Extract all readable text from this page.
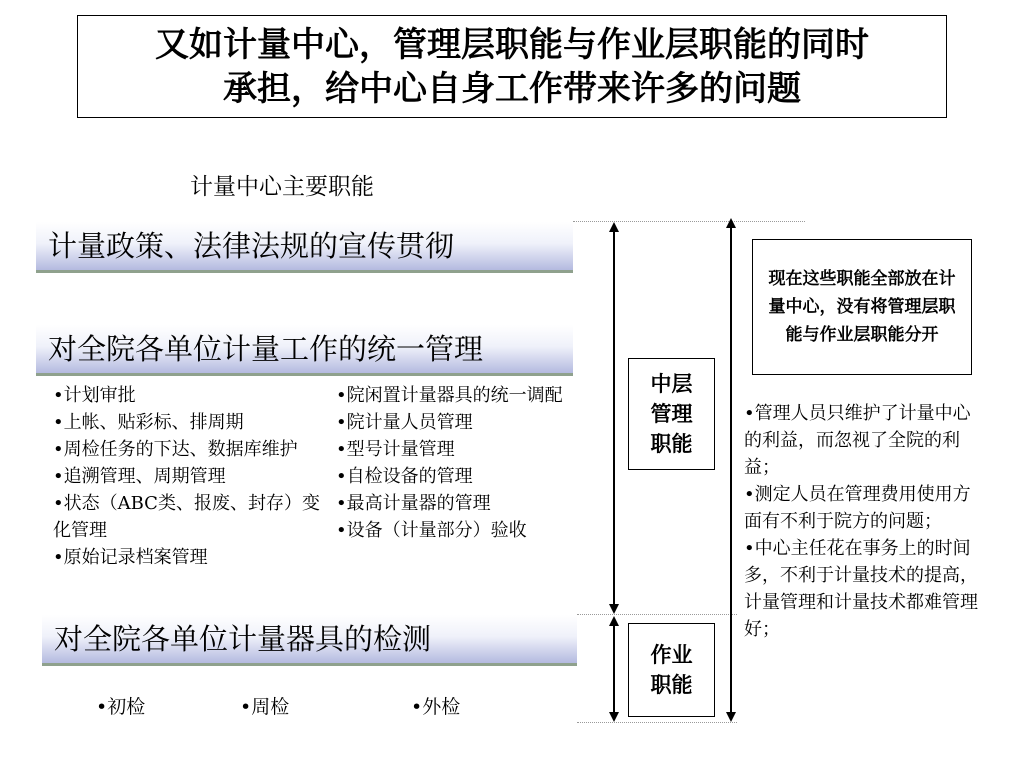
又如计量中心，管理层职能与作业层职能的同时
承担，给中心自身工作带来许多的问题
计量中心主要职能
计量政策、法律法规的宣传贯彻
对全院各单位计量工作的统一管理
•计划审批
•上帐、贴彩标、排周期
•周检任务的下达、数据库维护
•追溯管理、周期管理
•状态（ABC类、报废、封存）变化管理
•原始记录档案管理
•院闲置计量器具的统一调配
•院计量人员管理
•型号计量管理
•自检设备的管理
•最高计量器的管理
•设备（计量部分）验收
对全院各单位计量器具的检测
•初检	•周检	•外检
中层
管理
职能
作业
职能
现在这些职能全部放在计量中心，没有将管理层职能与作业层职能分开
•管理人员只维护了计量中心的利益，而忽视了全院的利益；
•测定人员在管理费用使用方面有不利于院方的问题；
•中心主任花在事务上的时间多，不利于计量技术的提高，计量管理和计量技术都难管理好；
